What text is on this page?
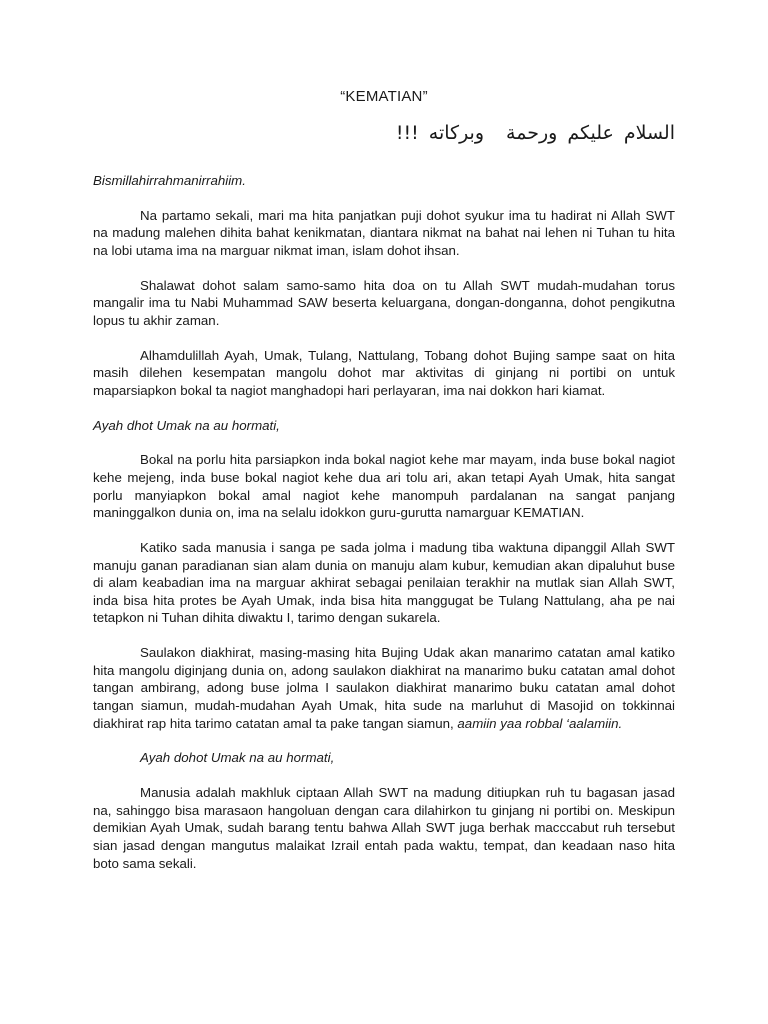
“KEMATIAN”
السلام عليكم ورحمةوبركاته !!!

Bismillahirrahmanirrahiim.

Na partamo sekali, mari ma hita panjatkan puji dohot syukur ima tu hadirat ni Allah SWT na madung malehen dihita bahat kenikmatan, diantara nikmat na bahat nai lehen ni Tuhan tu hita na lobi utama ima na marguar nikmat iman, islam dohot ihsan.

Shalawat dohot salam samo-samo hita doa on tu Allah SWT mudah-mudahan torus mangalir ima tu Nabi Muhammad SAW beserta keluargana, dongan-donganna, dohot pengikutna lopus tu akhir zaman.

Alhamdulillah Ayah, Umak, Tulang, Nattulang, Tobang dohot Bujing sampe saat on hita masih dilehen kesempatan mangolu dohot mar aktivitas di ginjang ni portibi on untuk maparsiapkon bokal ta nagiot manghadopi hari perlayaran, ima nai dokkon hari kiamat.

Ayah dhot Umak na au hormati,

Bokal na porlu hita parsiapkon inda bokal nagiot kehe mar mayam, inda buse bokal nagiot kehe mejeng, inda buse bokal nagiot kehe dua ari tolu ari, akan tetapi Ayah Umak, hita sangat porlu manyiapkon bokal amal nagiot kehe manompuh pardalanan na sangat panjang maninggalkon dunia on, ima na selalu idokkon guru-gurutta namarguar KEMATIAN.

Katiko sada manusia i sanga pe sada jolma i madung tiba waktuna dipanggil Allah SWT manuju ganan paradianan sian alam dunia on manuju alam kubur, kemudian akan dipaluhut buse di alam keabadian ima na marguar akhirat sebagai penilaian terakhir na mutlak sian Allah SWT, inda bisa hita protes be Ayah Umak, inda bisa hita manggugat be Tulang Nattulang, aha pe nai tetapkon ni Tuhan dihita diwaktu I, tarimo dengan sukarela.

Saulakon diakhirat, masing-masing hita Bujing Udak akan manarimo catatan amal katiko hita mangolu diginjang dunia on, adong saulakon diakhirat na manarimo buku catatan amal dohot tangan ambirang, adong buse jolma I saulakon diakhirat manarimo buku catatan amal dohot tangan siamun, mudah-mudahan Ayah Umak, hita sude na marluhut di Masojid on tokkinnai diakhirat rap hita tarimo catatan amal ta pake tangan siamun, aamiin yaa robbal ‘aalamiin.

Ayah dohot Umak na au hormati,

Manusia adalah makhluk ciptaan Allah SWT na madung ditiupkan ruh tu bagasan jasad na, sahinggo bisa marasaon hangoluan dengan cara dilahirkon tu ginjang ni portibi on. Meskipun demikian Ayah Umak, sudah barang tentu bahwa Allah SWT juga berhak macccabut ruh tersebut sian jasad dengan mangutus malaikat Izrail entah pada waktu, tempat, dan keadaan naso hita boto sama sekali.
